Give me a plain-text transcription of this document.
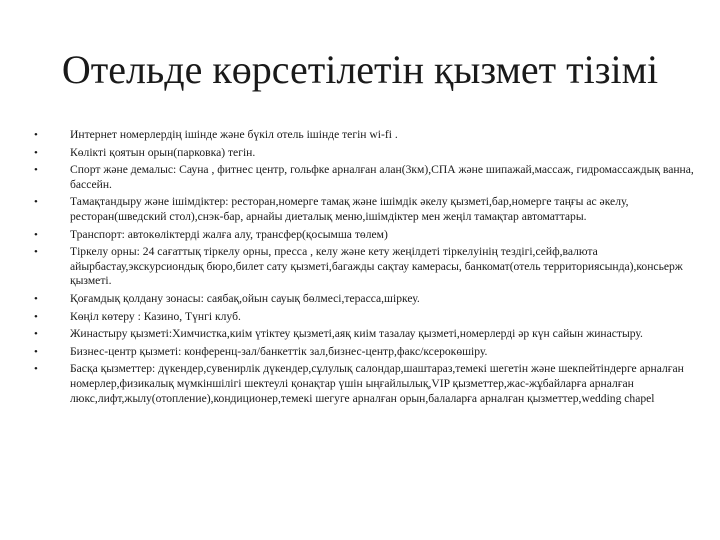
Отельде көрсетілетін қызмет тізімі
•	Интернет номерлердің ішінде және бүкіл отель ішінде тегін wi-fi .
•	Көлікті қоятын орын(парковка) тегін.
•	Спорт және демалыс: Сауна , фитнес центр, гольфке арналған алан(3км),СПА және шипажай,массаж, гидромассаждық ванна, бассейн.
•	Тамақтандыру және ішімдіктер: ресторан,номерге тамақ және ішімдік әкелу қызметі,бар,номерге таңғы ас әкелу, ресторан(шведский стол),снэк-бар, арнайы диеталық меню,ішімдіктер мен жеңіл тамақтар автоматтары.
•	Транспорт: автокөліктерді жалға алу, трансфер(қосымша төлем)
•	Тіркелу орны: 24 сағаттық тіркелу орны, пресса , келу және кету жеңілдеті тіркелуінің тездігі,сейф,валюта айырбастау,экскурсиондық бюро,билет сату қызметі,багажды сақтау камерасы, банкомат(отель территориясында),консьерж қызметі.
•	Қоғамдық қолдану зонасы: саябақ,ойын сауық бөлмесі,терасса,шіркеу.
•	Көңіл көтеру : Казино, Түнгі клуб.
•	Жинастыру қызметі:Химчистка,киім үтіктеу қызметі,аяқ киім тазалау қызметі,номерлерді әр күн сайын жинастыру.
•	Бизнес-центр қызметі: конференц-зал/банкеттік зал,бизнес-центр,факс/ксерокөшіру.
•	Басқа қызметтер: дүкендер,сувенирлік дүкендер,сұлулық салондар,шаштараз,темекі шегетін және шекпейтіндерге арналған номерлер,физикалық мүмкіншілігі шектеулі қонақтар үшін ыңғайлылық,VIP қызметтер,жас-жұбайларға арналған люкс,лифт,жылу(отопление),кондиционер,темекі шегуге арналған орын,балаларға арналған қызметтер,wedding chapel
